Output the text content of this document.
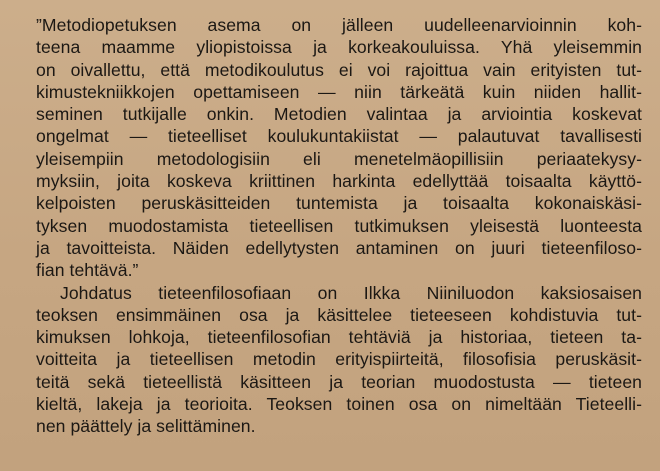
”Metodiopetuksen asema on jälleen uudelleenarvioinnin koh-
teena maamme yliopistoissa ja korkeakouluissa. Yhä yleisemmin
on oivallettu, että metodikoulutus ei voi rajoittua vain erityisten tut-
kimustekniikkojen opettamiseen — niin tärkeätä kuin niiden hallit-
seminen tutkijalle onkin. Metodien valintaa ja arviointia koskevat
ongelmat — tieteelliset koulukuntakiistat — palautuvat tavallisesti
yleisempiin metodologisiin eli menetelmäopillisiin periaatekysy-
myksiin, joita koskeva kriittinen harkinta edellyttää toisaalta käyttö-
kelpoisten peruskäsitteiden tuntemista ja toisaalta kokonaiskäsi-
tyksen muodostamista tieteellisen tutkimuksen yleisestä luonteesta
ja tavoitteista. Näiden edellytysten antaminen on juuri tieteenfiloso-
fian tehtävä.”
Johdatus tieteenfilosofiaan on Ilkka Niiniluodon kaksiosaisen
teoksen ensimmäinen osa ja käsittelee tieteeseen kohdistuvia tut-
kimuksen lohkoja, tieteenfilosofian tehtäviä ja historiaa, tieteen ta-
voitteita ja tieteellisen metodin erityispiirteitä, filosofisia peruskäsit-
teitä sekä tieteellistä käsitteen ja teorian muodostusta — tieteen
kieltä, lakeja ja teorioita. Teoksen toinen osa on nimeltään Tieteelli-
nen päättely ja selittäminen.
